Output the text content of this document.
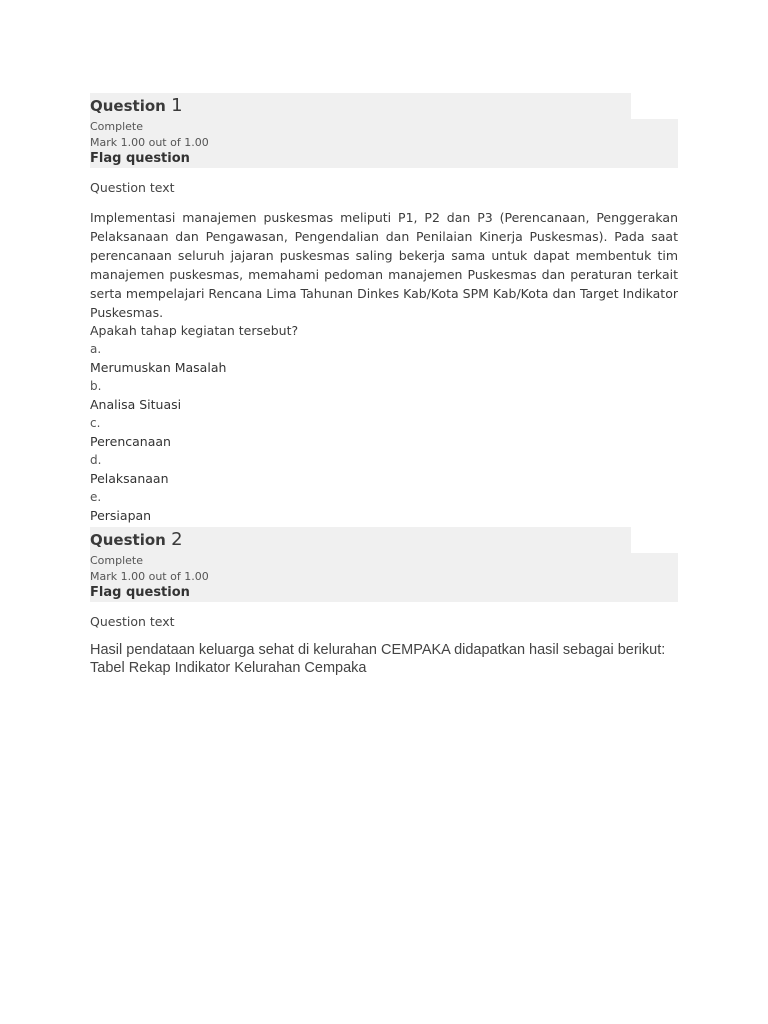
Question 1
Complete
Mark 1.00 out of 1.00
Flag question
Question text
Implementasi manajemen puskesmas meliputi P1, P2 dan P3 (Perencanaan, Penggerakan Pelaksanaan dan Pengawasan, Pengendalian dan Penilaian Kinerja Puskesmas). Pada saat perencanaan seluruh jajaran puskesmas saling bekerja sama untuk dapat membentuk tim manajemen puskesmas, memahami pedoman manajemen Puskesmas dan peraturan terkait serta mempelajari Rencana Lima Tahunan Dinkes Kab/Kota SPM Kab/Kota dan Target Indikator Puskesmas.
Apakah tahap kegiatan tersebut?
a.
Merumuskan Masalah
b.
Analisa Situasi
c.
Perencanaan
d.
Pelaksanaan
e.
Persiapan
Question 2
Complete
Mark 1.00 out of 1.00
Flag question
Question text
Hasil pendataan keluarga sehat di kelurahan CEMPAKA didapatkan hasil sebagai berikut:
Tabel Rekap Indikator Kelurahan Cempaka
